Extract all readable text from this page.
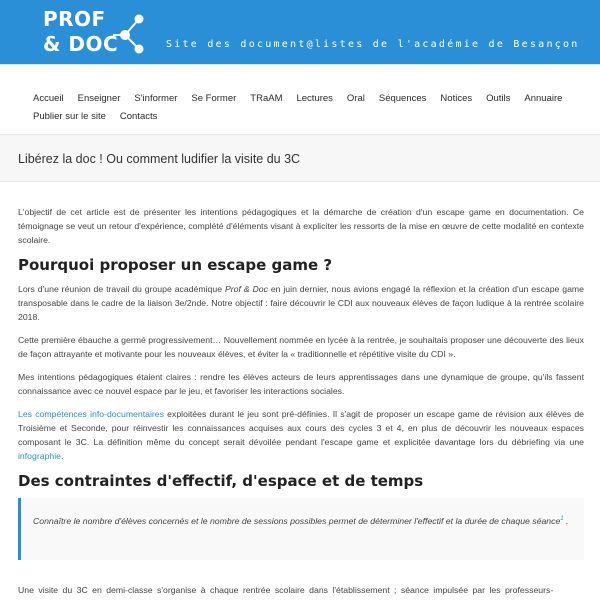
PROF
& DOC	Site des document@listes de l'académie de Besançon
Accueil Enseigner S'informer Se Former TRaAM Lectures Oral Séquences Notices Outils Annuaire
Publier sur le site Contacts
Libérez la doc ! Ou comment ludifier la visite du 3C

L'objectif de cet article est de présenter les intentions pédagogiques et la démarche de création d'un escape game en documentation. Ce témoignage se veut un retour d'expérience, complété d'éléments visant à expliciter les ressorts de la mise en œuvre de cette modalité en contexte scolaire.

Pourquoi proposer un escape game ?

Lors d'une réunion de travail du groupe académique Prof & Doc en juin dernier, nous avions engagé la réflexion et la création d'un escape game transposable dans le cadre de la liaison 3e/2nde. Notre objectif : faire découvrir le CDI aux nouveaux élèves de façon ludique à la rentrée scolaire 2018.

Cette première ébauche a germé progressivement… Nouvellement nommée en lycée à la rentrée, je souhaitais proposer une découverte des lieux de façon attrayante et motivante pour les nouveaux élèves, et éviter la « traditionnelle et répétitive visite du CDI ».

Mes intentions pédagogiques étaient claires : rendre les élèves acteurs de leurs apprentissages dans une dynamique de groupe, qu'ils fassent connaissance avec ce nouvel espace par le jeu, et favoriser les interactions sociales.

Les compétences info-documentaires exploitées durant le jeu sont pré-définies. Il s'agit de proposer un escape game de révision aux élèves de Troisième et Seconde, pour réinvestir les connaissances acquises aux cours des cycles 3 et 4, en plus de découvrir les nouveaux espaces composant le 3C. La définition même du concept serait dévoilée pendant l'escape game et explicitée davantage lors du débriefing via une infographie.

Des contraintes d'effectif, d'espace et de temps

Connaître le nombre d'élèves concernés et le nombre de sessions possibles permet de déterminer l'effectif et la durée de chaque séance$^1$ .

Une visite du 3C en demi-classe s'organise à chaque rentrée scolaire dans l'établissement ; séance impulsée par les professeurs-
